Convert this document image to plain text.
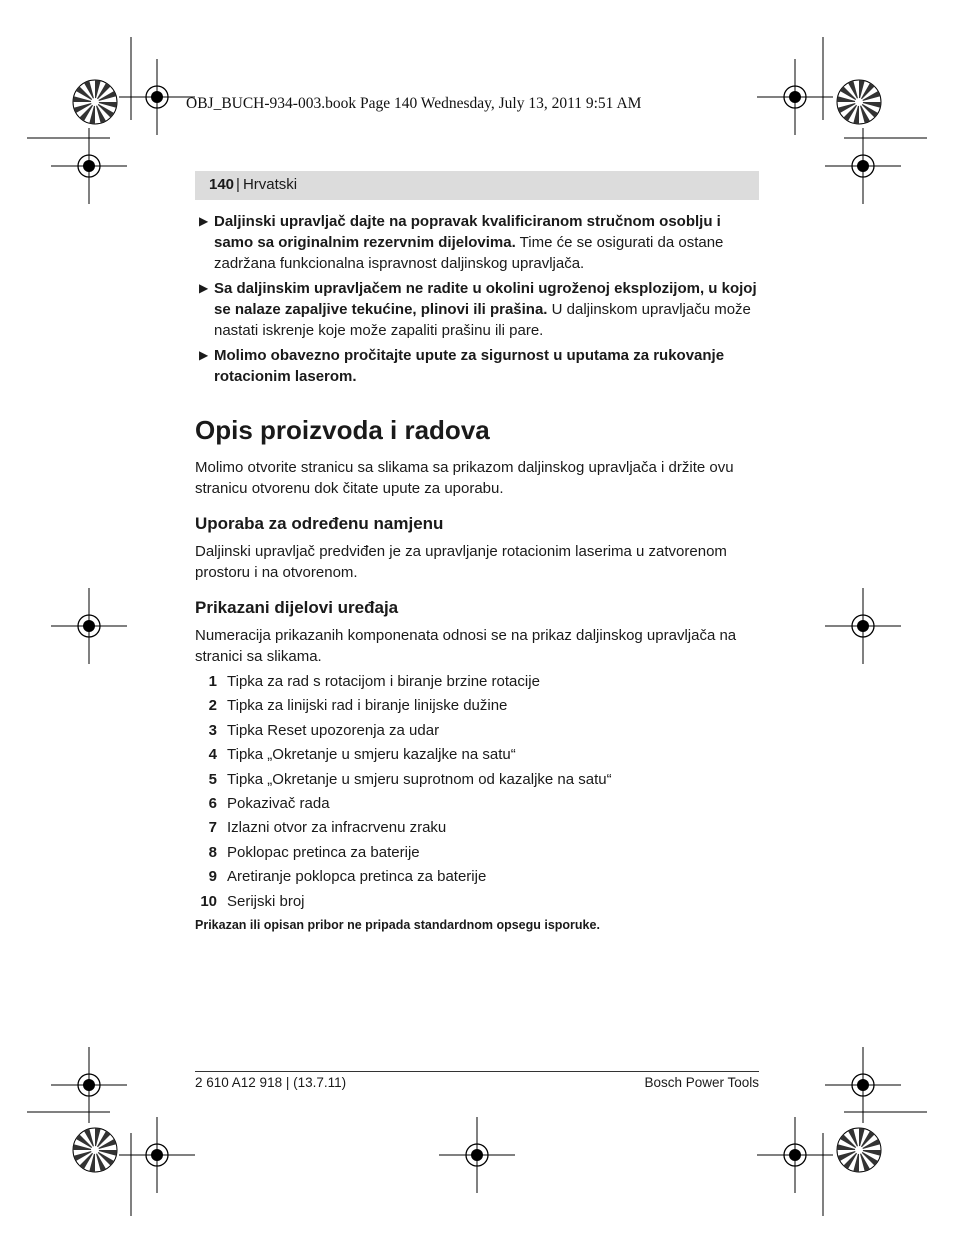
OBJ_BUCH-934-003.book Page 140 Wednesday, July 13, 2011 9:51 AM
140 | Hrvatski
▶ Daljinski upravljač dajte na popravak kvalificiranom stručnom osoblju i samo sa originalnim rezervnim dijelovima. Time će se osigurati da ostane zadržana funkcionalna ispravnost daljinskog upravljača.
▶ Sa daljinskim upravljačem ne radite u okolini ugroženoj eksplozijom, u kojoj se nalaze zapaljive tekućine, plinovi ili prašina. U daljinskom upravljaču može nastati iskrenje koje može zapaliti prašinu ili pare.
▶ Molimo obavezno pročitajte upute za sigurnost u uputama za rukovanje rotacionim laserom.
Opis proizvoda i radova

Molimo otvorite stranicu sa slikama sa prikazom daljinskog upravljača i držite ovu stranicu otvorenu dok čitate upute za uporabu.

Uporaba za određenu namjenu

Daljinski upravljač predviđen je za upravljanje rotacionim laserima u zatvorenom prostoru i na otvorenom.

Prikazani dijelovi uređaja

Numeracija prikazanih komponenata odnosi se na prikaz daljinskog upravljača na stranici sa slikama.

1 Tipka za rad s rotacijom i biranje brzine rotacije
2 Tipka za linijski rad i biranje linijske dužine
3 Tipka Reset upozorenja za udar
4 Tipka „Okretanje u smjeru kazaljke na satu“
5 Tipka „Okretanje u smjeru suprotnom od kazaljke na satu“
6 Pokazivač rada
7 Izlazni otvor za infracrvenu zraku
8 Poklopac pretinca za baterije
9 Aretiranje poklopca pretinca za baterije
10 Serijski broj

Prikazan ili opisan pribor ne pripada standardnom opsegu isporuke.

2 610 A12 918 | (13.7.11)	Bosch Power Tools
